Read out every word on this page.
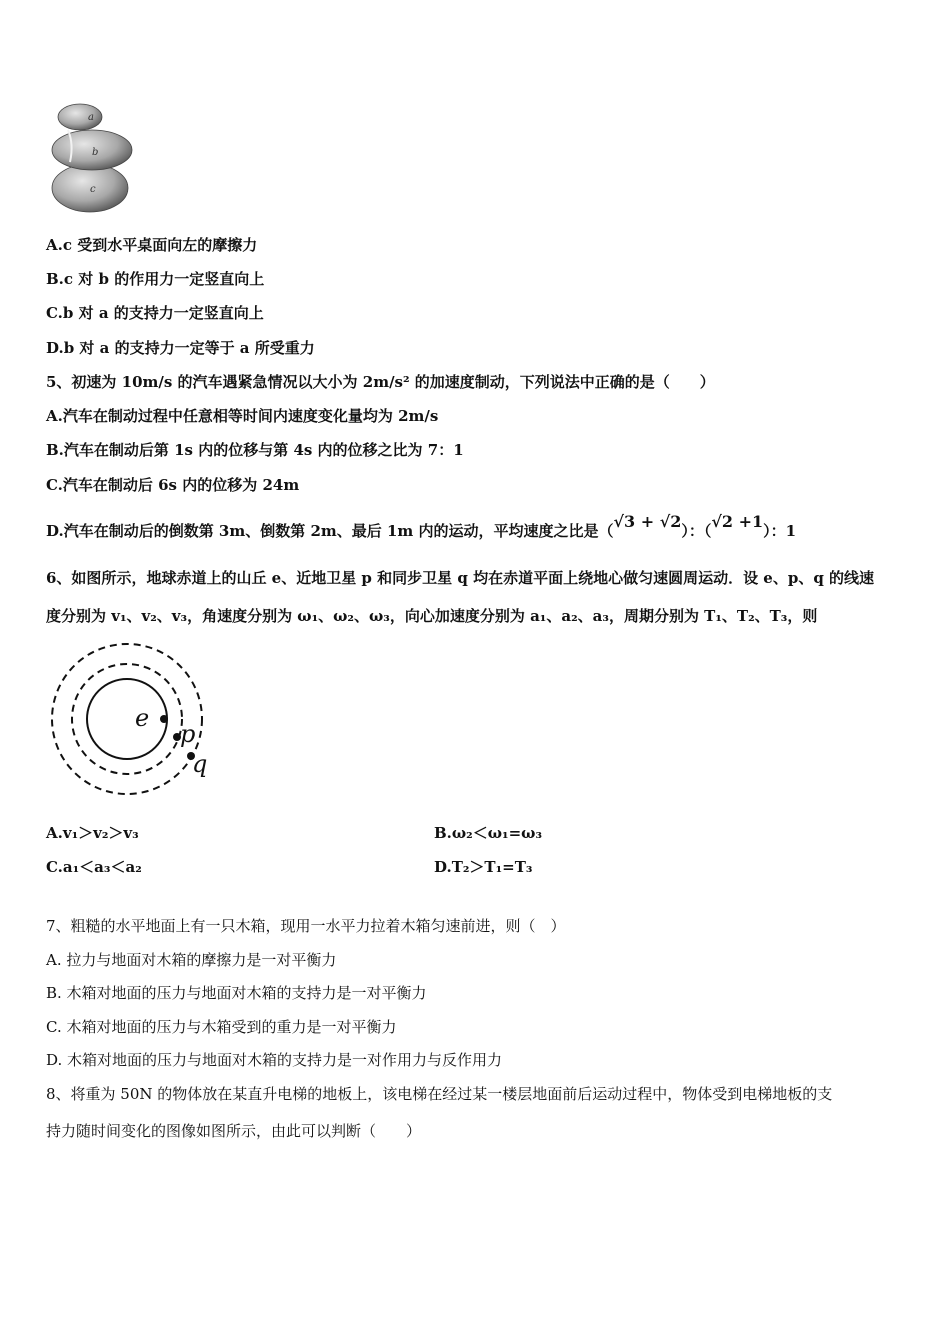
a
b
c
A.c 受到水平桌面向左的摩擦力
B.c 对 b 的作用力一定竖直向上
C.b 对 a 的支持力一定竖直向上
D.b 对 a 的支持力一定等于 a 所受重力
5、初速为 10m/s 的汽车遇紧急情况以大小为 2m/s² 的加速度制动，下列说法中正确的是（　　）
A.汽车在制动过程中任意相等时间内速度变化量均为 2m/s
B.汽车在制动后第 1s 内的位移与第 4s 内的位移之比为 7：1
C.汽车在制动后 6s 内的位移为 24m
D.汽车在制动后的倒数第 3m、倒数第 2m、最后 1m 内的运动，平均速度之比是（√3 + √2）：（√2 +1）：1
6、如图所示，地球赤道上的山丘 e、近地卫星 p 和同步卫星 q 均在赤道平面上绕地心做匀速圆周运动．设 e、p、q 的线速
度分别为 v₁、v₂、v₃，角速度分别为 ω₁、ω₂、ω₃，向心加速度分别为 a₁、a₂、a₃，周期分别为 T₁、T₂、T₃，则
e
p
q
A.v₁＞v₂＞v₃	B.ω₂＜ω₁=ω₃
C.a₁＜a₃＜a₂	D.T₂＞T₁=T₃
7、粗糙的水平地面上有一只木箱，现用一水平力拉着木箱匀速前进，则（　）
A. 拉力与地面对木箱的摩擦力是一对平衡力
B. 木箱对地面的压力与地面对木箱的支持力是一对平衡力
C. 木箱对地面的压力与木箱受到的重力是一对平衡力
D. 木箱对地面的压力与地面对木箱的支持力是一对作用力与反作用力
8、将重为 50N 的物体放在某直升电梯的地板上，该电梯在经过某一楼层地面前后运动过程中，物体受到电梯地板的支
持力随时间变化的图像如图所示，由此可以判断（　　）
